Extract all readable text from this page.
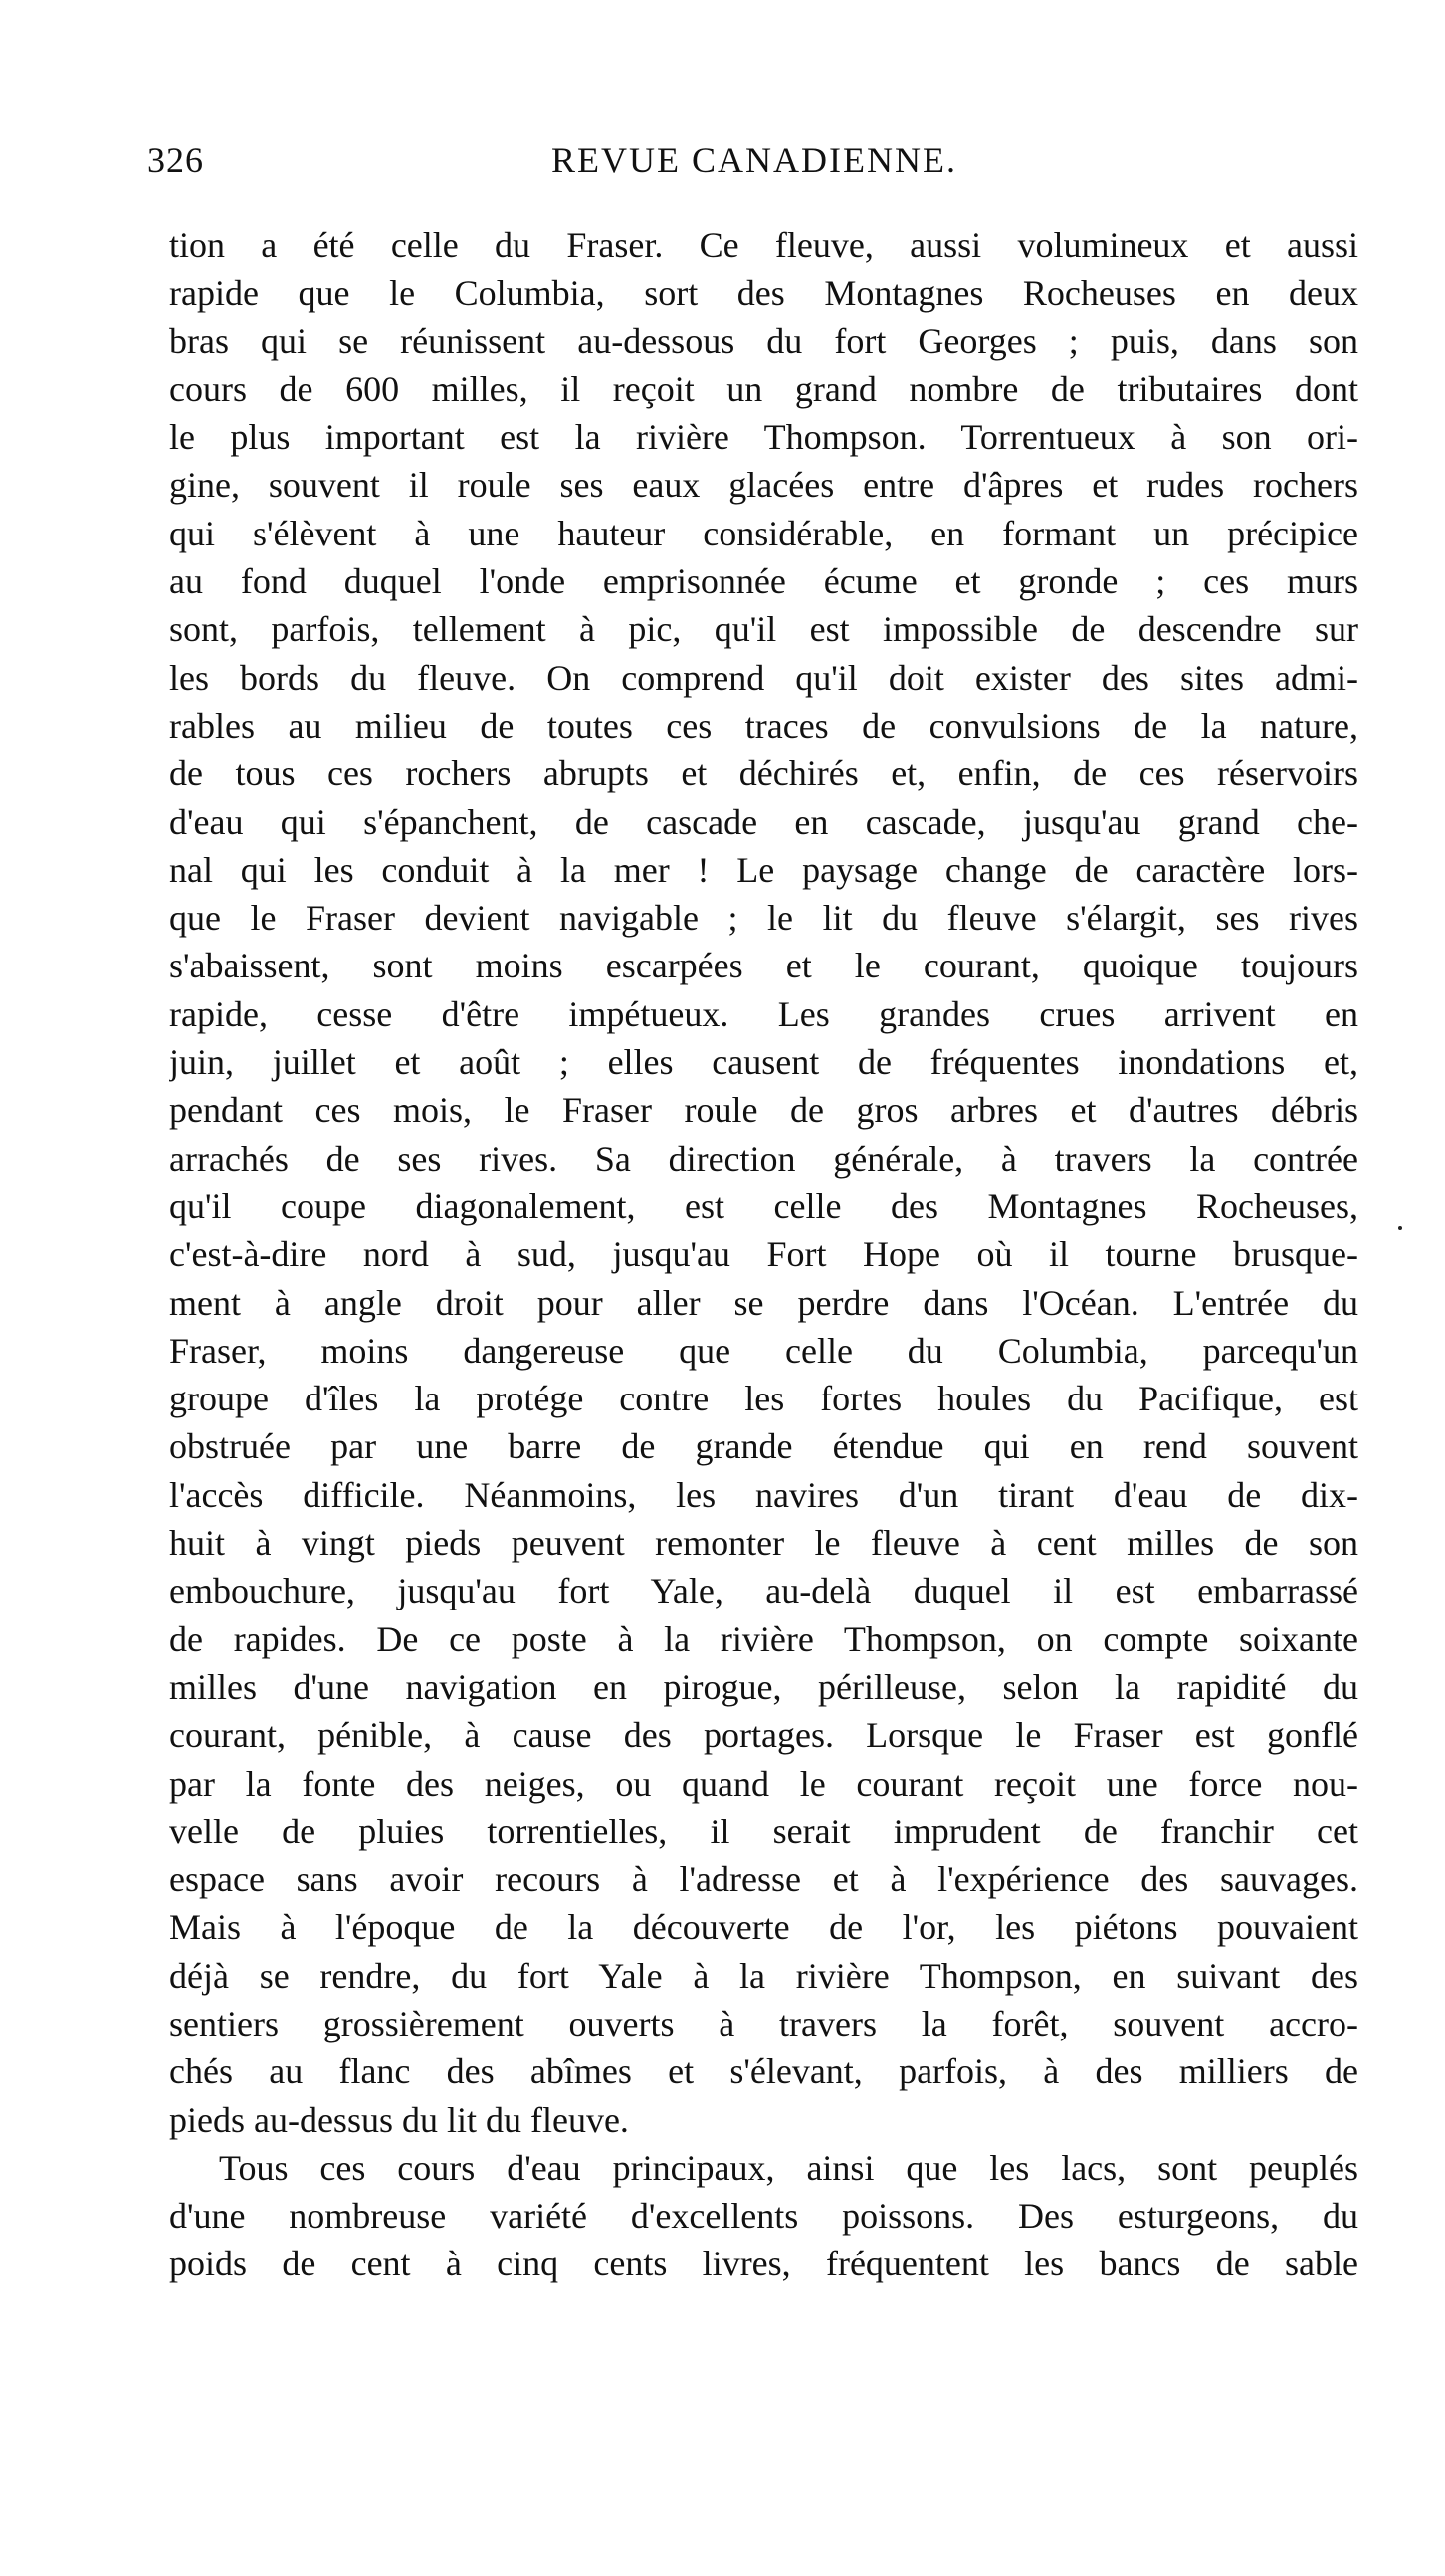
326	REVUE CANADIENNE.
tion a été celle du Fraser. Ce fleuve, aussi volumineux et aussi
rapide que le Columbia, sort des Montagnes Rocheuses en deux
bras qui se réunissent au-dessous du fort Georges ; puis, dans son
cours de 600 milles, il reçoit un grand nombre de tributaires dont
le plus important est la rivière Thompson. Torrentueux à son ori-
gine, souvent il roule ses eaux glacées entre d'âpres et rudes rochers
qui s'élèvent à une hauteur considérable, en formant un précipice
au fond duquel l'onde emprisonnée écume et gronde ; ces murs
sont, parfois, tellement à pic, qu'il est impossible de descendre sur
les bords du fleuve. On comprend qu'il doit exister des sites admi-
rables au milieu de toutes ces traces de convulsions de la nature,
de tous ces rochers abrupts et déchirés et, enfin, de ces réservoirs
d'eau qui s'épanchent, de cascade en cascade, jusqu'au grand che-
nal qui les conduit à la mer ! Le paysage change de caractère lors-
que le Fraser devient navigable ; le lit du fleuve s'élargit, ses rives
s'abaissent, sont moins escarpées et le courant, quoique toujours
rapide, cesse d'être impétueux. Les grandes crues arrivent en
juin, juillet et août ; elles causent de fréquentes inondations et,
pendant ces mois, le Fraser roule de gros arbres et d'autres débris
arrachés de ses rives. Sa direction générale, à travers la contrée
qu'il coupe diagonalement, est celle des Montagnes Rocheuses,
c'est-à-dire nord à sud, jusqu'au Fort Hope où il tourne brusque-
ment à angle droit pour aller se perdre dans l'Océan. L'entrée du
Fraser, moins dangereuse que celle du Columbia, parcequ'un
groupe d'îles la protége contre les fortes houles du Pacifique, est
obstruée par une barre de grande étendue qui en rend souvent
l'accès difficile. Néanmoins, les navires d'un tirant d'eau de dix-
huit à vingt pieds peuvent remonter le fleuve à cent milles de son
embouchure, jusqu'au fort Yale, au-delà duquel il est embarrassé
de rapides. De ce poste à la rivière Thompson, on compte soixante
milles d'une navigation en pirogue, périlleuse, selon la rapidité du
courant, pénible, à cause des portages. Lorsque le Fraser est gonflé
par la fonte des neiges, ou quand le courant reçoit une force nou-
velle de pluies torrentielles, il serait imprudent de franchir cet
espace sans avoir recours à l'adresse et à l'expérience des sauvages.
Mais à l'époque de la découverte de l'or, les piétons pouvaient
déjà se rendre, du fort Yale à la rivière Thompson, en suivant des
sentiers grossièrement ouverts à travers la forêt, souvent accro-
chés au flanc des abîmes et s'élevant, parfois, à des milliers de
pieds au-dessus du lit du fleuve.
Tous ces cours d'eau principaux, ainsi que les lacs, sont peuplés
d'une nombreuse variété d'excellents poissons. Des esturgeons, du
poids de cent à cinq cents livres, fréquentent les bancs de sable
